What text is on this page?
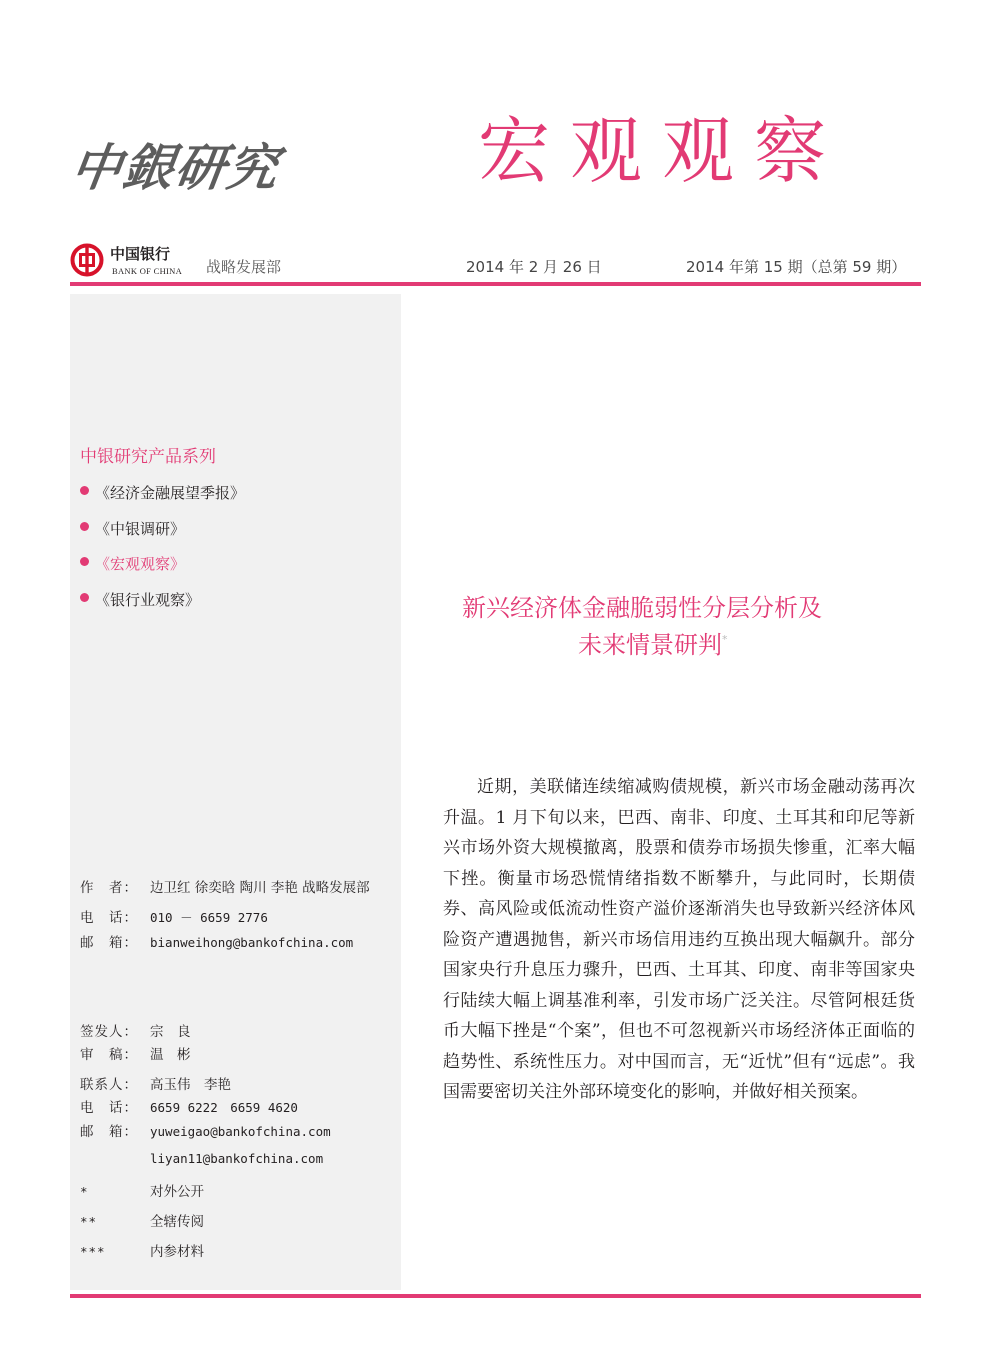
中銀研究	宏观观察
中国银行
BANK OF CHINA 战略发展部	2014 年 2 月 26 日	2014 年第 15 期（总第 59 期）
中银研究产品系列
《经济金融展望季报》
《中银调研》
《宏观观察》
《银行业观察》
作　者： 边卫红 徐奕晗 陶川 李艳 战略发展部
电　话： 010 － 6659 2776
邮　箱： bianweihong@bankofchina.com
签发人： 宗　良
审　稿： 温　彬
联系人： 高玉伟　李艳
电　话： 6659 6222　6659 4620
邮　箱： yuweigao@bankofchina.com
liyan11@bankofchina.com
*	对外公开
**	全辖传阅
***	内参材料
新兴经济体金融脆弱性分层分析及
未来情景研判*

近期，美联储连续缩减购债规模，新兴市场金融动荡再次升温。1 月下旬以来，巴西、南非、印度、土耳其和印尼等新兴市场外资大规模撤离，股票和债券市场损失惨重，汇率大幅下挫。衡量市场恐慌情绪指数不断攀升，与此同时，长期债券、高风险或低流动性资产溢价逐渐消失也导致新兴经济体风险资产遭遇抛售，新兴市场信用违约互换出现大幅飙升。部分国家央行升息压力骤升，巴西、土耳其、印度、南非等国家央行陆续大幅上调基准利率，引发市场广泛关注。尽管阿根廷货币大幅下挫是“个案”，但也不可忽视新兴市场经济体正面临的趋势性、系统性压力。对中国而言，无“近忧”但有“远虑”。我国需要密切关注外部环境变化的影响，并做好相关预案。
